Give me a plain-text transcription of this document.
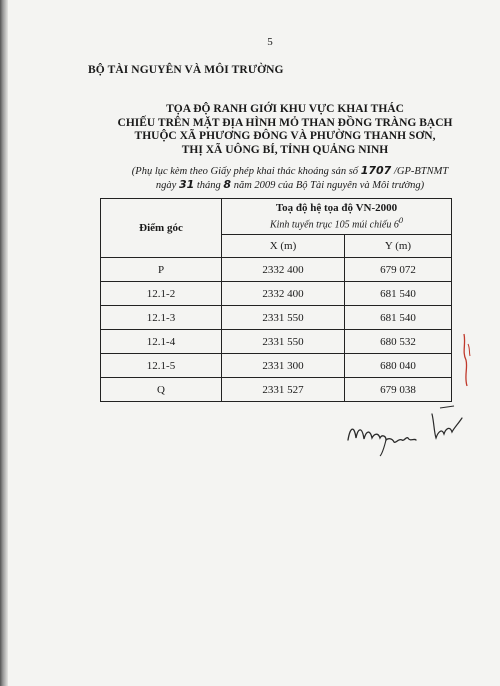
5
BỘ TÀI NGUYÊN VÀ MÔI TRƯỜNG
TỌA ĐỘ RANH GIỚI KHU VỰC KHAI THÁC
CHIẾU TRÊN MẶT ĐỊA HÌNH MỎ THAN ĐỒNG TRÀNG BẠCH
THUỘC XÃ PHƯƠNG ĐÔNG VÀ PHƯỜNG THANH SƠN,
THỊ XÃ UÔNG BÍ, TỈNH QUẢNG NINH
(Phụ lục kèm theo Giấy phép khai thác khoáng sản số 1707 /GP-BTNMT
ngày 31 tháng 8 năm 2009 của Bộ Tài nguyên và Môi trường)
Điểm góc	Toạ độ hệ tọa độ VN-2000
Kinh tuyến trục 105 múi chiếu $6^0$

	X (m)	Y (m)
P	2332 400	679 072
12.1-2	2332 400	681 540
12.1-3	2331 550	681 540
12.1-4	2331 550	680 532
12.1-5	2331 300	680 040
Q	2331 527	679 038
